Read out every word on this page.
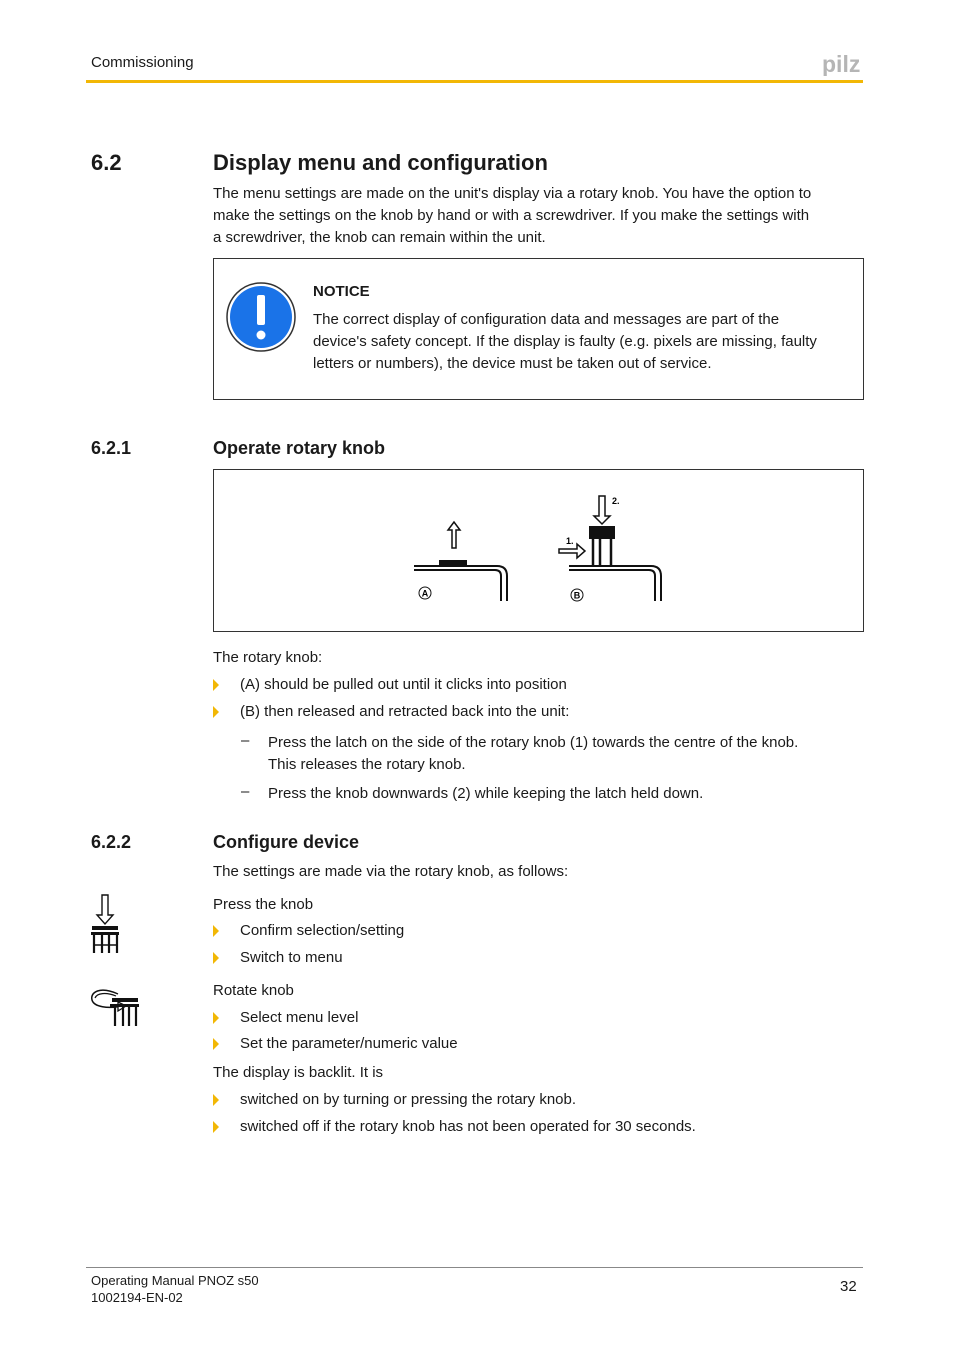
Commissioning	pilz
6.2	Display menu and configuration
The menu settings are made on the unit's display via a rotary knob. You have the option to
make the settings on the knob by hand or with a screwdriver. If you make the settings with
a screwdriver, the knob can remain within the unit.
NOTICE
The correct display of configuration data and messages are part of the
device's safety concept. If the display is faulty (e.g. pixels are missing, faulty
letters or numbers), the device must be taken out of service.
6.2.1	Operate rotary knob
A
2.
1.
B
The rotary knob:
(A) should be pulled out until it clicks into position
(B) then released and retracted back into the unit:
– Press the latch on the side of the rotary knob (1) towards the centre of the knob.
This releases the rotary knob.
– Press the knob downwards (2) while keeping the latch held down.
6.2.2	Configure device
The settings are made via the rotary knob, as follows:
Press the knob
Confirm selection/setting
Switch to menu
Rotate knob
Select menu level
Set the parameter/numeric value
The display is backlit. It is
switched on by turning or pressing the rotary knob.
switched off if the rotary knob has not been operated for 30 seconds.
Operating Manual PNOZ s50
1002194-EN-02
32
